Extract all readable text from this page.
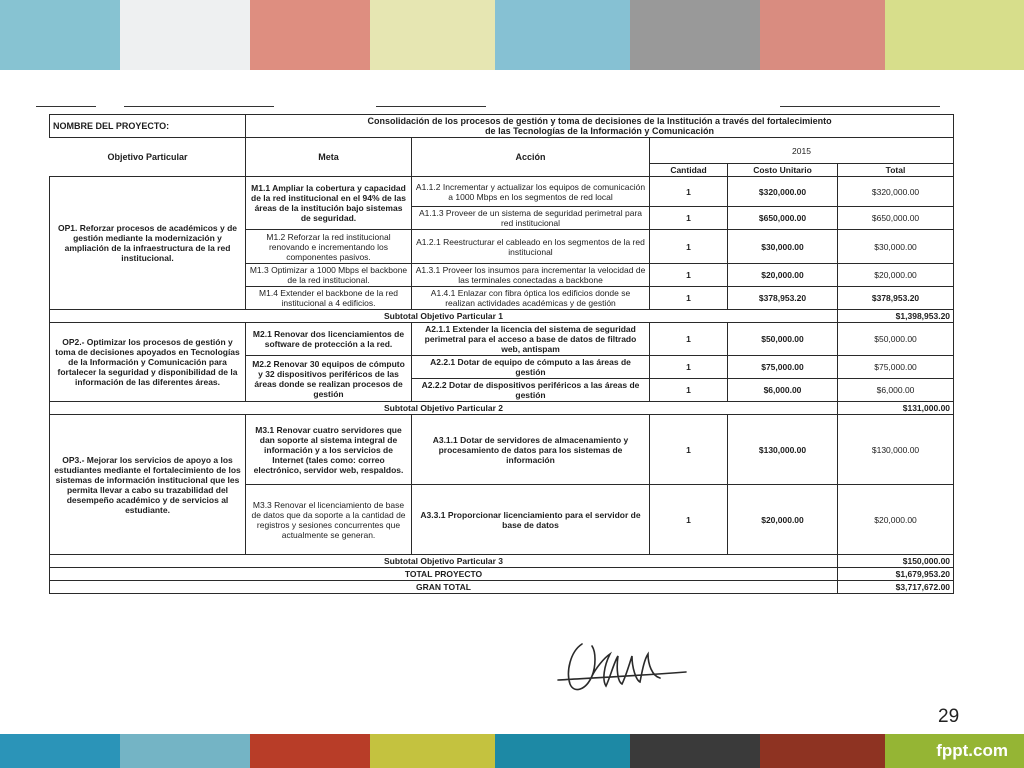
NOMBRE DEL PROYECTO:	Consolidación de los procesos de gestión y toma de decisiones de la Institución a través del fortalecimiento
de las Tecnologías de la Información y Comunicación				
Objetivo Particular	Meta	Acción	2015		
			Cantidad	Costo Unitario	Total
OP1. Reforzar procesos de académicos y de gestión mediante la modernización y ampliación de la infraestructura de la red institucional.	M1.1 Ampliar la cobertura y capacidad de la red institucional en el 94% de las áreas de la institución bajo sistemas de seguridad.	A1.1.2 Incrementar y actualizar los equipos de comunicación a 1000 Mbps en los segmentos de red local	1	$320,000.00	$320,000.00
		A1.1.3 Proveer de un sistema de seguridad perimetral para red institucional	1	$650,000.00	$650,000.00
	M1.2 Reforzar la red institucional renovando e incrementando los componentes pasivos.	A1.2.1 Reestructurar el cableado en los segmentos de la red institucional	1	$30,000.00	$30,000.00
	M1.3 Optimizar a 1000 Mbps el backbone de la red institucional.	A1.3.1 Proveer los insumos para incrementar la velocidad de las terminales conectadas a backbone	1	$20,000.00	$20,000.00
	M1.4 Extender el backbone de la red institucional a 4 edificios.	A1.4.1 Enlazar con fibra óptica los edificios donde se realizan actividades académicas y de gestión	1	$378,953.20	$378,953.20
Subtotal Objetivo Particular 1					$1,398,953.20
OP2.- Optimizar los procesos de gestión y toma de decisiones apoyados en Tecnologías de la Información y Comunicación para fortalecer la seguridad y disponibilidad de la información de las diferentes áreas.	M2.1 Renovar dos licenciamientos de software de protección a la red.	A2.1.1 Extender la licencia del sistema de seguridad perimetral para el acceso a base de datos de filtrado web, antispam	1	$50,000.00	$50,000.00
	M2.2 Renovar 30 equipos de cómputo y 32 dispositivos periféricos de las áreas donde se realizan procesos de gestión	A2.2.1 Dotar de equipo de cómputo a las áreas de gestión	1	$75,000.00	$75,000.00
		A2.2.2 Dotar de dispositivos periféricos a las áreas de gestión	1	$6,000.00	$6,000.00
Subtotal Objetivo Particular 2					$131,000.00
OP3.- Mejorar los servicios de apoyo a los estudiantes mediante el fortalecimiento de los sistemas de información institucional que les permita llevar a cabo su trazabilidad del desempeño académico y de servicios al estudiante.	M3.1 Renovar cuatro servidores que dan soporte al sistema integral de información y a los servicios de Internet (tales como: correo electrónico, servidor web, respaldos.	A3.1.1 Dotar de servidores de almacenamiento y procesamiento de datos para los sistemas de información	1	$130,000.00	$130,000.00
	M3.3 Renovar el licenciamiento de base de datos que da soporte a la cantidad de registros y sesiones concurrentes que actualmente se generan.	A3.3.1 Proporcionar licenciamiento para el servidor de base de datos	1	$20,000.00	$20,000.00
Subtotal Objetivo Particular 3					$150,000.00
TOTAL PROYECTO					$1,679,953.20
GRAN TOTAL					$3,717,672.00
29
fppt.com
